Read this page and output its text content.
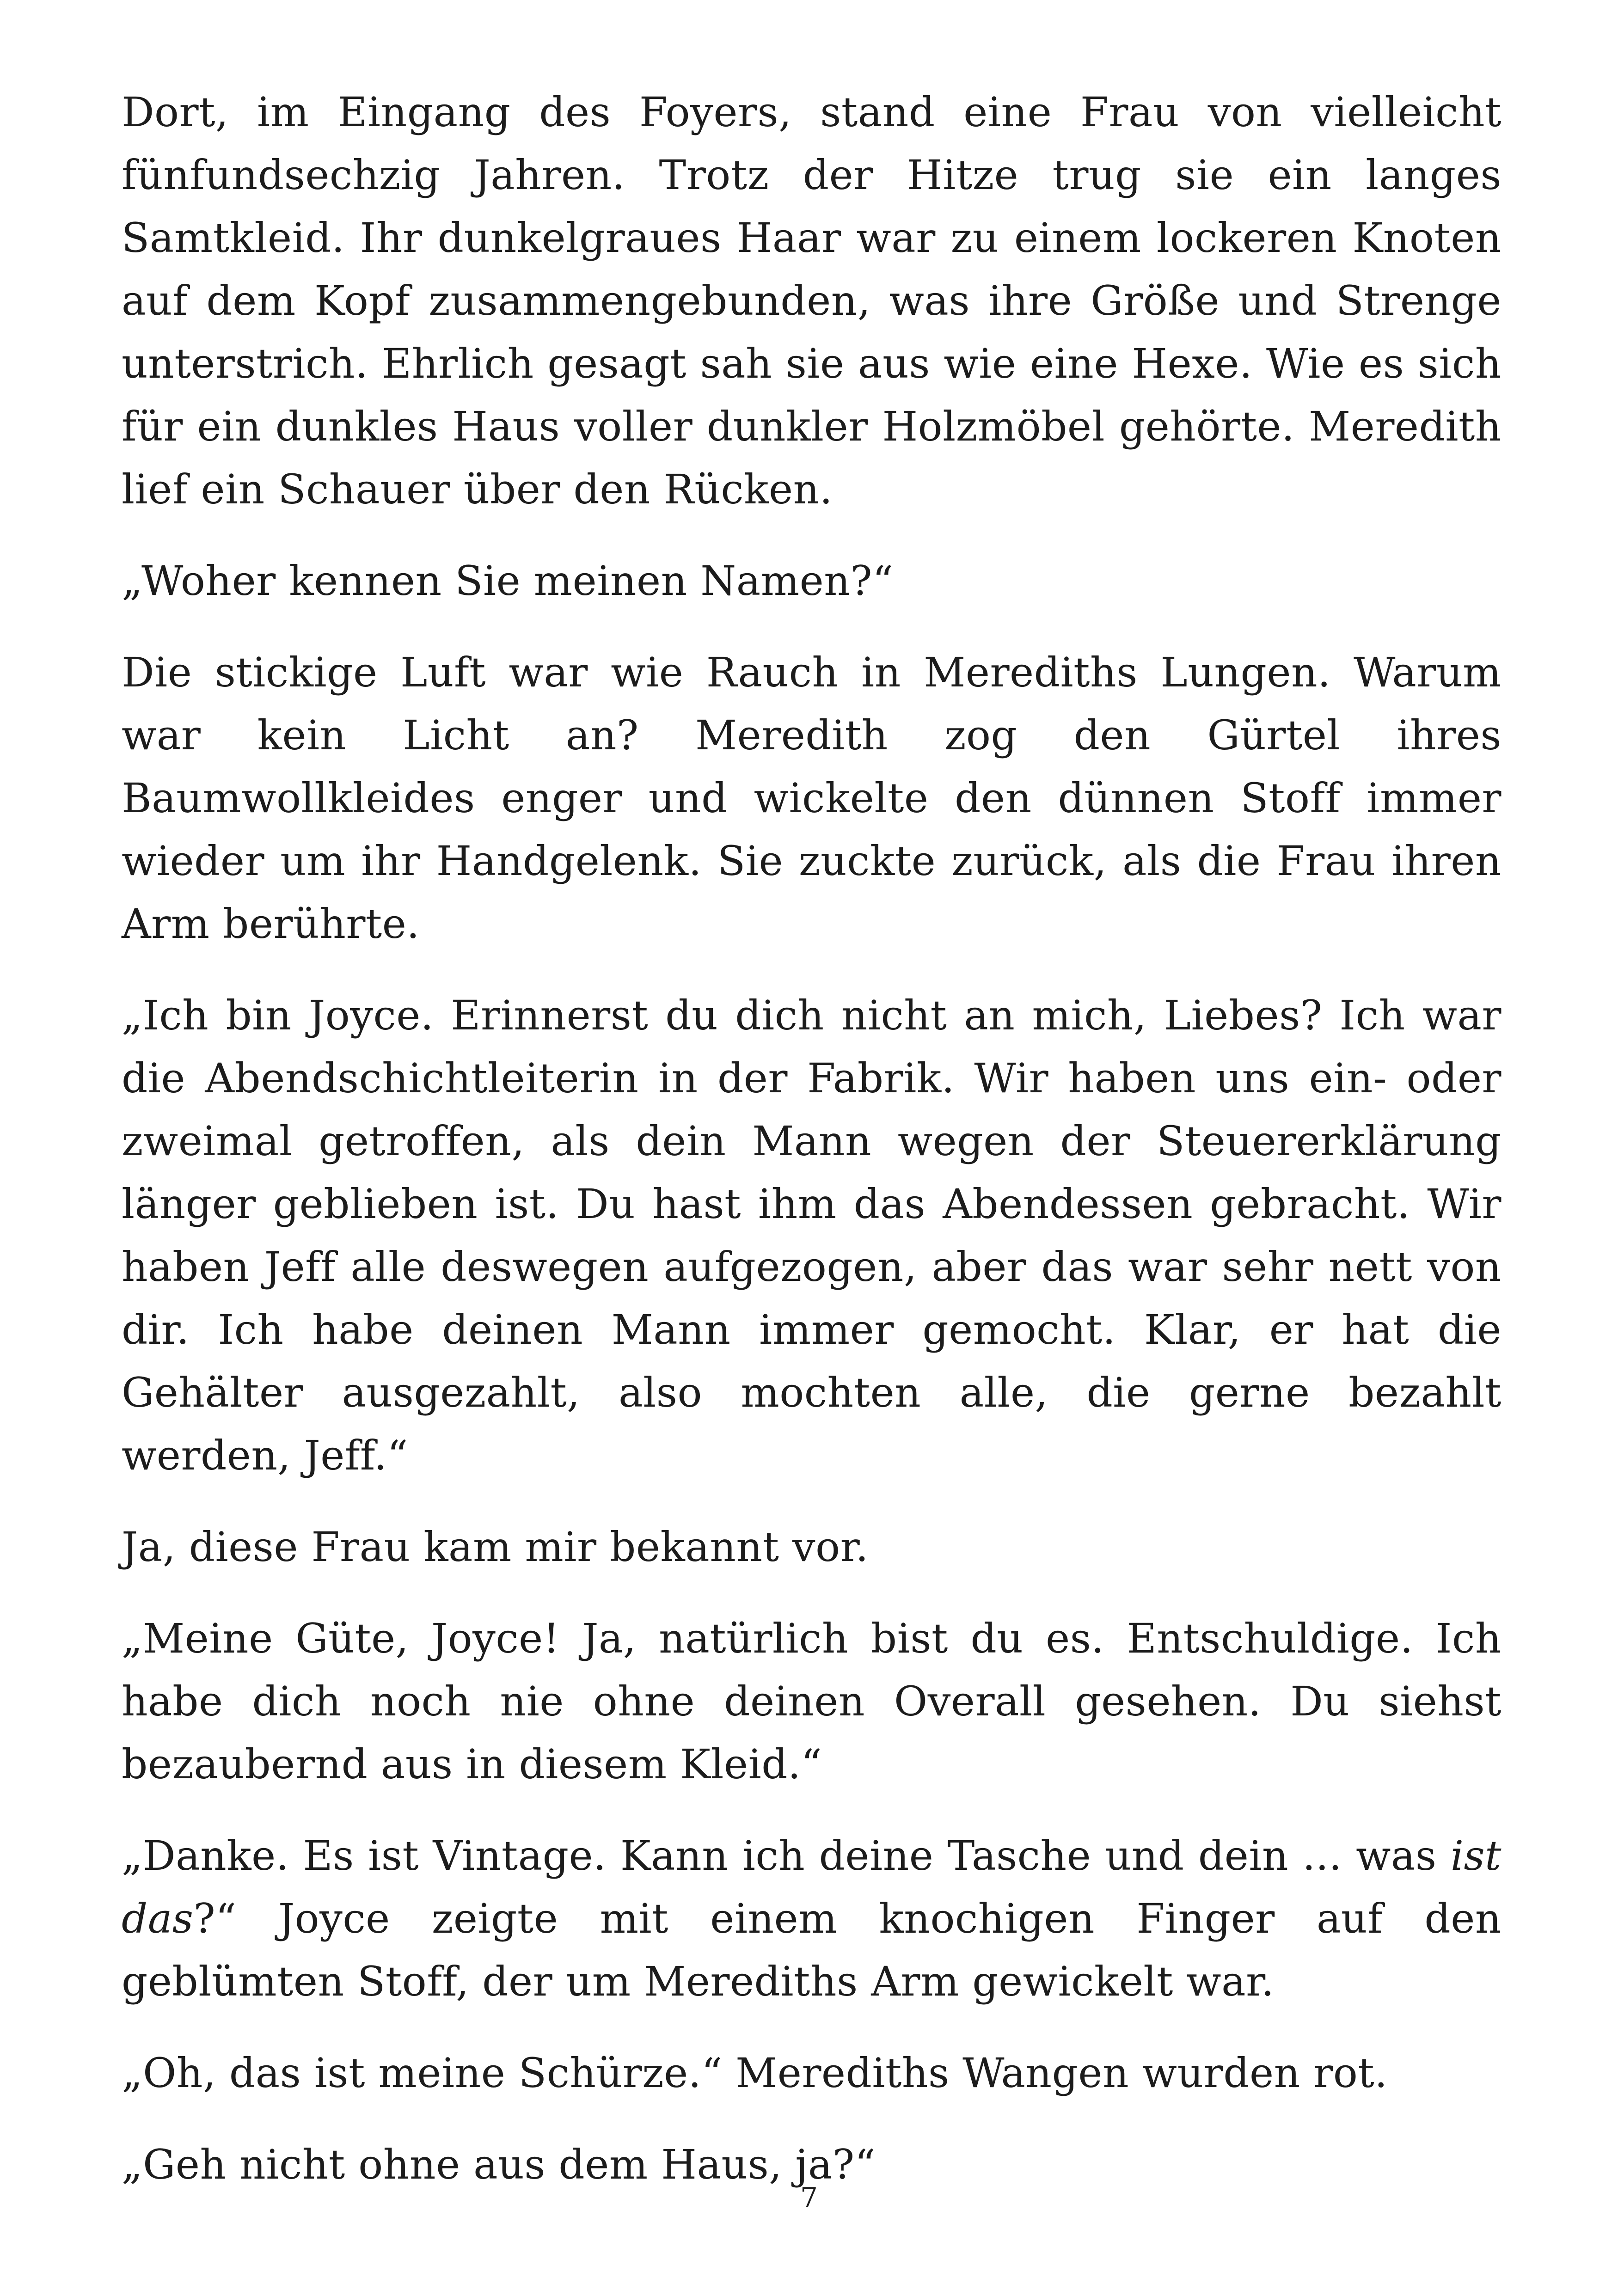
Dort, im Eingang des Foyers, stand eine Frau von vielleicht fünfundsechzig Jahren. Trotz der Hitze trug sie ein langes Samtkleid. Ihr dunkelgraues Haar war zu einem lockeren Knoten auf dem Kopf zusammengebunden, was ihre Größe und Strenge unterstrich. Ehrlich gesagt sah sie aus wie eine Hexe. Wie es sich für ein dunkles Haus voller dunkler Holzmöbel gehörte. Meredith lief ein Schauer über den Rücken.

„Woher kennen Sie meinen Namen?“

Die stickige Luft war wie Rauch in Merediths Lungen. Warum war kein Licht an? Meredith zog den Gürtel ihres Baumwollkleides enger und wickelte den dünnen Stoff immer wieder um ihr Handgelenk. Sie zuckte zurück, als die Frau ihren Arm berührte.

„Ich bin Joyce. Erinnerst du dich nicht an mich, Liebes? Ich war die Abendschichtleiterin in der Fabrik. Wir haben uns ein- oder zweimal getroffen, als dein Mann wegen der Steuererklärung länger geblieben ist. Du hast ihm das Abendessen gebracht. Wir haben Jeff alle deswegen aufgezogen, aber das war sehr nett von dir. Ich habe deinen Mann immer gemocht. Klar, er hat die Gehälter ausgezahlt, also mochten alle, die gerne bezahlt werden, Jeff.“

Ja, diese Frau kam mir bekannt vor.

„Meine Güte, Joyce! Ja, natürlich bist du es. Entschuldige. Ich habe dich noch nie ohne deinen Overall gesehen. Du siehst bezaubernd aus in diesem Kleid.“

„Danke. Es ist Vintage. Kann ich deine Tasche und dein ... was ist das?“ Joyce zeigte mit einem knochigen Finger auf den geblümten Stoff, der um Merediths Arm gewickelt war.

„Oh, das ist meine Schürze.“ Merediths Wangen wurden rot.

„Geh nicht ohne aus dem Haus, ja?“

7
